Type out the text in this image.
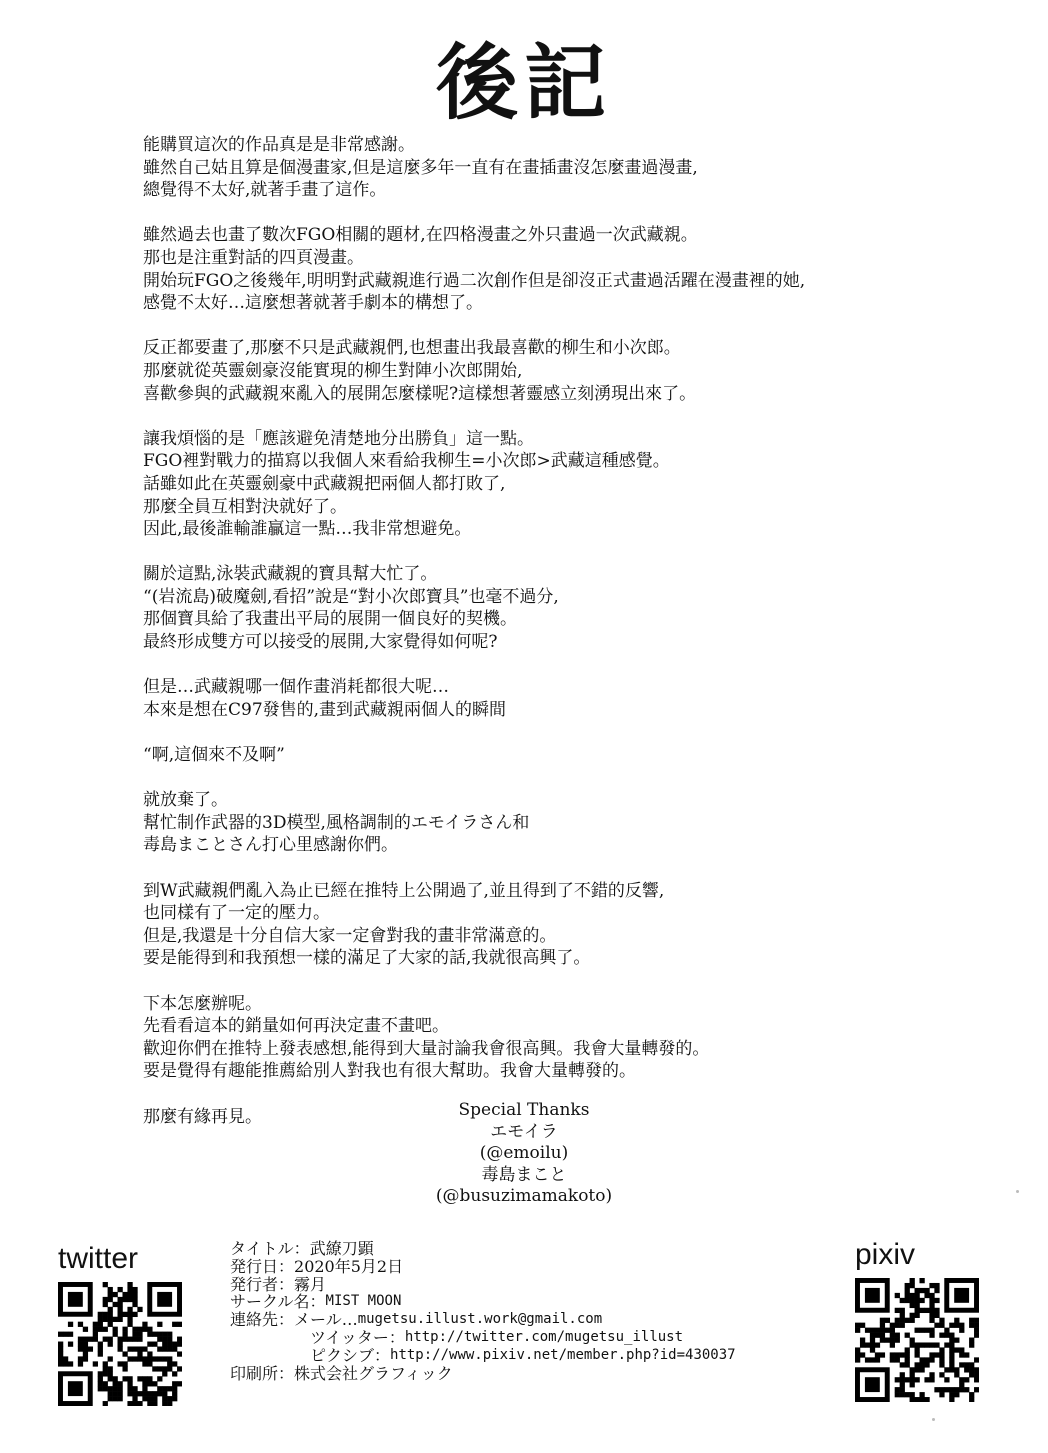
後記
能購買這次的作品真是是非常感謝。
雖然自己姑且算是個漫畫家,但是這麼多年一直有在畫插畫沒怎麼畫過漫畫,
總覺得不太好,就著手畫了這作。
雖然過去也畫了數次FGO相關的題材,在四格漫畫之外只畫過一次武藏親。
那也是注重對話的四頁漫畫。
開始玩FGO之後幾年,明明對武藏親進行過二次創作但是卻沒正式畫過活躍在漫畫裡的她,
感覺不太好…這麼想著就著手劇本的構想了。
反正都要畫了,那麼不只是武藏親們,也想畫出我最喜歡的柳生和小次郎。
那麼就從英靈劍豪沒能實現的柳生對陣小次郎開始,
喜歡參與的武藏親來亂入的展開怎麼樣呢?這樣想著靈感立刻湧現出來了。
讓我煩惱的是「應該避免清楚地分出勝負」這一點。
FGO裡對戰力的描寫以我個人來看給我柳生=小次郎>武藏這種感覺。
話雖如此在英靈劍豪中武藏親把兩個人都打敗了,
那麼全員互相對決就好了。
因此,最後誰輸誰贏這一點…我非常想避免。
關於這點,泳裝武藏親的寶具幫大忙了。
“(岩流島)破魔劍,看招”說是“對小次郎寶具”也毫不過分,
那個寶具給了我畫出平局的展開一個良好的契機。
最終形成雙方可以接受的展開,大家覺得如何呢?
但是…武藏親哪一個作畫消耗都很大呢…
本來是想在C97發售的,畫到武藏親兩個人的瞬間
“啊,這個來不及啊”
就放棄了。
幫忙制作武器的3D模型,風格調制的エモイラさん和
毒島まことさん打心里感謝你們。
到W武藏親們亂入為止已經在推特上公開過了,並且得到了不錯的反響,
也同樣有了一定的壓力。
但是,我還是十分自信大家一定會對我的畫非常滿意的。
要是能得到和我預想一樣的滿足了大家的話,我就很高興了。
下本怎麼辦呢。
先看看這本的銷量如何再決定畫不畫吧。
歡迎你們在推特上發表感想,能得到大量討論我會很高興。我會大量轉發的。
要是覺得有趣能推薦給別人對我也有很大幫助。我會大量轉發的。
那麼有緣再見。	Special Thanks
エモイラ
(@emoilu)
毒島まこと
(@busuzimamakoto)
タイトル： 武繚刀顕
発行日： 2020年5月2日
発行者： 霧月
サークル名： MIST MOON
連絡先： メール… mugetsu.illust.work@gmail.com
ツイッター： http://twitter.com/mugetsu_illust
ピクシブ： http://www.pixiv.net/member.php?id=430037
印刷所： 株式会社グラフィック
twitter	pixiv
